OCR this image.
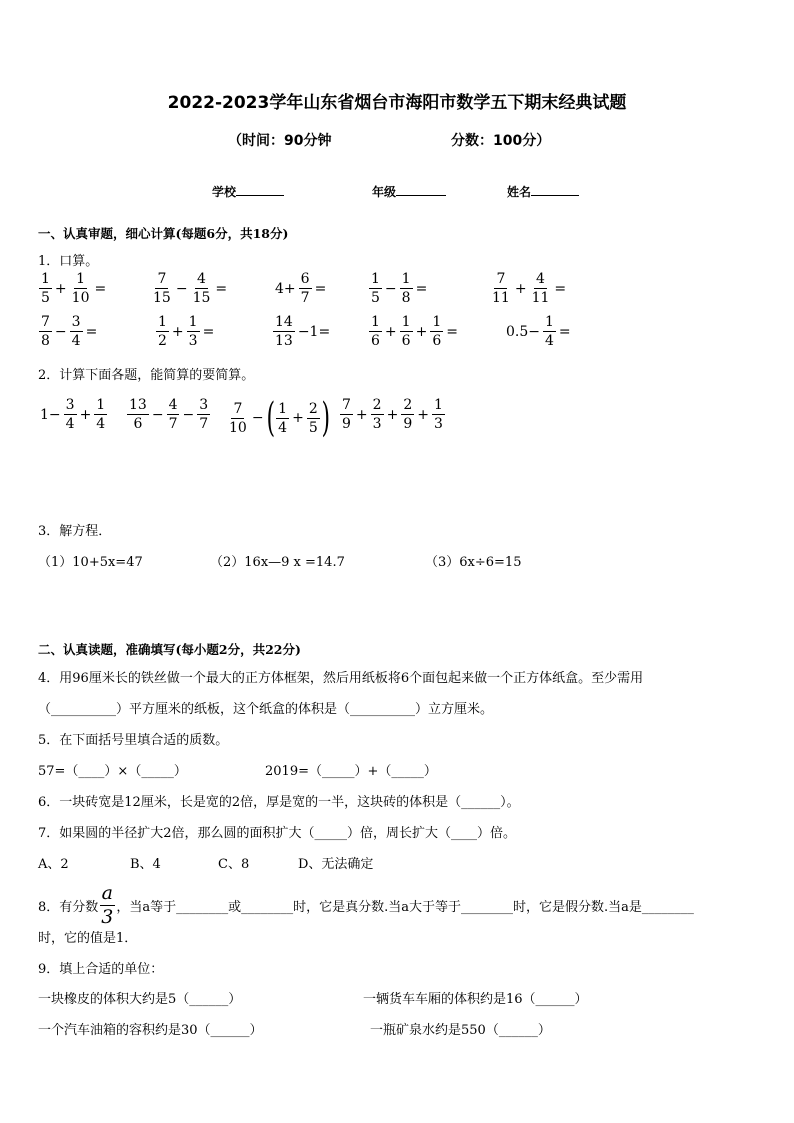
2022-2023学年山东省烟台市海阳市数学五下期末经典试题
（时间：90分钟	分数：100分）
学校	年级	姓名
一、认真审题，细心计算(每题6分，共18分)
1．口算。
$\frac{1}{5} + \frac{1}{10}$ =	$\frac{7}{15} - \frac{4}{15}$ =	$4+ \frac{6}{7}$ =	$\frac{1}{5} - \frac{1}{8}$ =	$\frac{7}{11} + \frac{4}{11}$ =
$\frac{7}{8} - \frac{3}{4}$ =	$\frac{1}{2} + \frac{1}{3}$ =	$\frac{14}{13} -1=$	$\frac{1}{6} + \frac{1}{6} + \frac{1}{6}$ =	$0.5- \frac{1}{4}$ =
2．计算下面各题，能简算的要简算。
$1- \frac{3}{4} + \frac{1}{4} \frac{13}{6} - \frac{4}{7} - \frac{3}{7} \frac{7}{10}$ − ( $\frac{1}{4} + \frac{2}{5}$ ) $\frac{7}{9} + \frac{2}{3} + \frac{2}{9} + \frac{1}{3}$
3．解方程．
（1）10+5x=47	（2）16x—9 x =14.7	（3）6x÷6=15
二、认真读题，准确填写(每小题2分，共22分)
4．用96厘米长的铁丝做一个最大的正方体框架，然后用纸板将6个面包起来做一个正方体纸盒。至少需用
（__________）平方厘米的纸板，这个纸盒的体积是（__________）立方厘米。
5．在下面括号里填合适的质数。
57=（____）×（_____）	2019=（_____）+（_____）
6．一块砖宽是12厘米，长是宽的2倍，厚是宽的一半，这块砖的体积是（______）。
7．如果圆的半径扩大2倍，那么圆的面积扩大（_____）倍，周长扩大（____）倍。
A、2	B、4	C、8	D、无法确定
8．有分数 $\frac{a}{3}$ ，当a等于________或________时，它是真分数.当a大于等于________时，它是假分数.当a是________
时，它的值是1．
9．填上合适的单位：
一块橡皮的体积大约是5（______）	一辆货车车厢的体积约是16（______）
一个汽车油箱的容积约是30（______）	一瓶矿泉水约是550（______）
